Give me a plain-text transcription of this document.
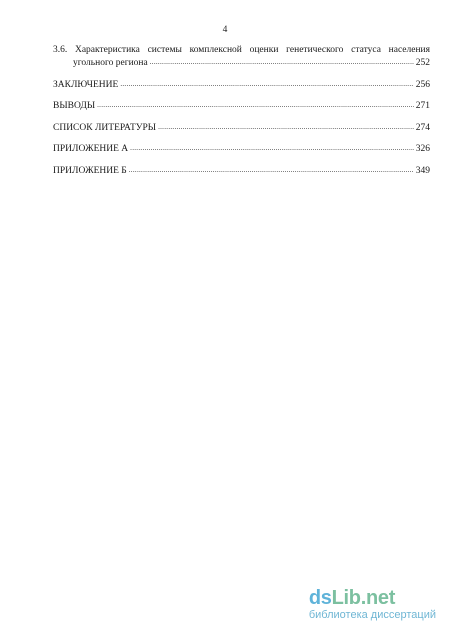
4
3.6. Характеристика системы комплексной оценки генетического статуса населения
угольного региона .....	252
ЗАКЛЮЧЕНИЕ .....	256
ВЫВОДЫ .....	271
СПИСОК ЛИТЕРАТУРЫ .....	274
ПРИЛОЖЕНИЕ А .....	326
ПРИЛОЖЕНИЕ Б .....	349
dsLib.net
библиотека диссертаций
